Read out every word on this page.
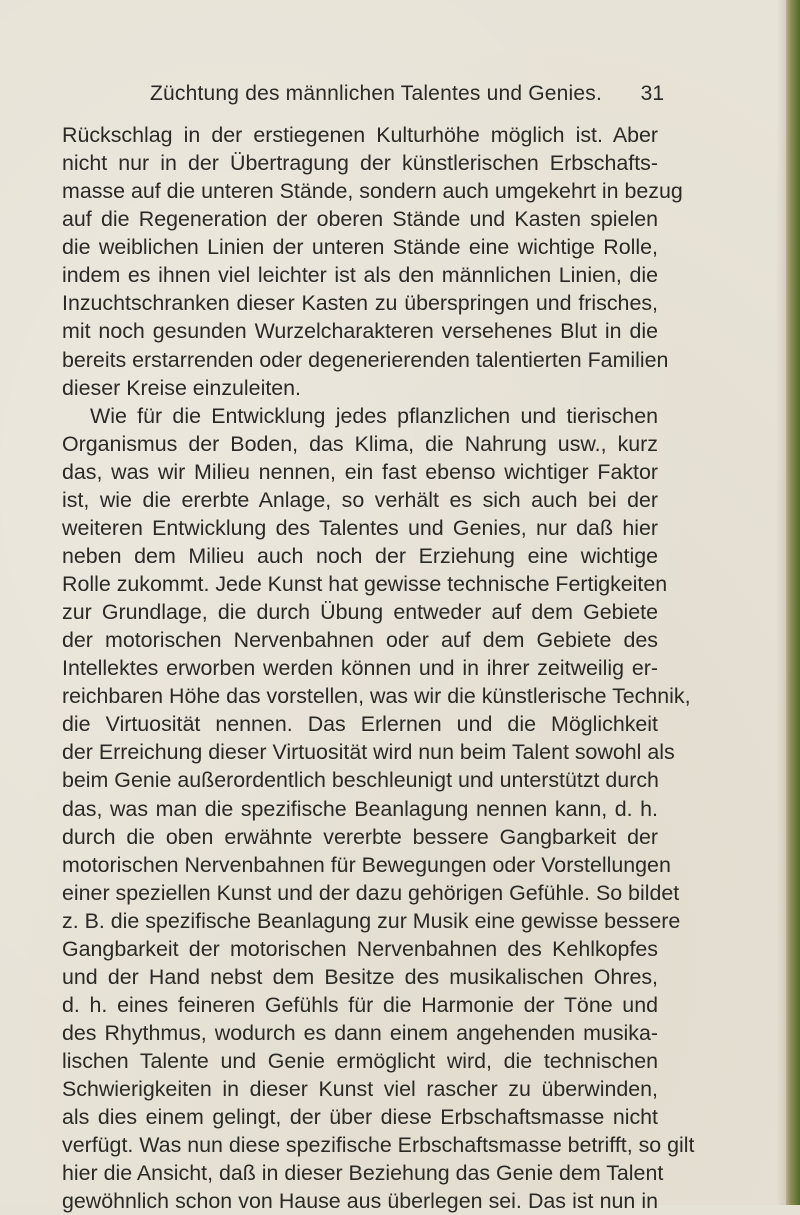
Züchtung des männlichen Talentes und Genies. 31
Rückschlag in der erstiegenen Kulturhöhe möglich ist. Aber
nicht nur in der Übertragung der künstlerischen Erbschafts-
masse auf die unteren Stände, sondern auch umgekehrt in bezug
auf die Regeneration der oberen Stände und Kasten spielen
die weiblichen Linien der unteren Stände eine wichtige Rolle,
indem es ihnen viel leichter ist als den männlichen Linien, die
Inzuchtschranken dieser Kasten zu überspringen und frisches,
mit noch gesunden Wurzelcharakteren versehenes Blut in die
bereits erstarrenden oder degenerierenden talentierten Familien
dieser Kreise einzuleiten.
Wie für die Entwicklung jedes pflanzlichen und tierischen
Organismus der Boden, das Klima, die Nahrung usw., kurz
das, was wir Milieu nennen, ein fast ebenso wichtiger Faktor
ist, wie die ererbte Anlage, so verhält es sich auch bei der
weiteren Entwicklung des Talentes und Genies, nur daß hier
neben dem Milieu auch noch der Erziehung eine wichtige
Rolle zukommt. Jede Kunst hat gewisse technische Fertigkeiten
zur Grundlage, die durch Übung entweder auf dem Gebiete
der motorischen Nervenbahnen oder auf dem Gebiete des
Intellektes erworben werden können und in ihrer zeitweilig er-
reichbaren Höhe das vorstellen, was wir die künstlerische Technik,
die Virtuosität nennen. Das Erlernen und die Möglichkeit
der Erreichung dieser Virtuosität wird nun beim Talent sowohl als
beim Genie außerordentlich beschleunigt und unterstützt durch
das, was man die spezifische Beanlagung nennen kann, d. h.
durch die oben erwähnte vererbte bessere Gangbarkeit der
motorischen Nervenbahnen für Bewegungen oder Vorstellungen
einer speziellen Kunst und der dazu gehörigen Gefühle. So bildet
z. B. die spezifische Beanlagung zur Musik eine gewisse bessere
Gangbarkeit der motorischen Nervenbahnen des Kehlkopfes
und der Hand nebst dem Besitze des musikalischen Ohres,
d. h. eines feineren Gefühls für die Harmonie der Töne und
des Rhythmus, wodurch es dann einem angehenden musika-
lischen Talente und Genie ermöglicht wird, die technischen
Schwierigkeiten in dieser Kunst viel rascher zu überwinden,
als dies einem gelingt, der über diese Erbschaftsmasse nicht
verfügt. Was nun diese spezifische Erbschaftsmasse betrifft, so gilt
hier die Ansicht, daß in dieser Beziehung das Genie dem Talent
gewöhnlich schon von Hause aus überlegen sei. Das ist nun in
